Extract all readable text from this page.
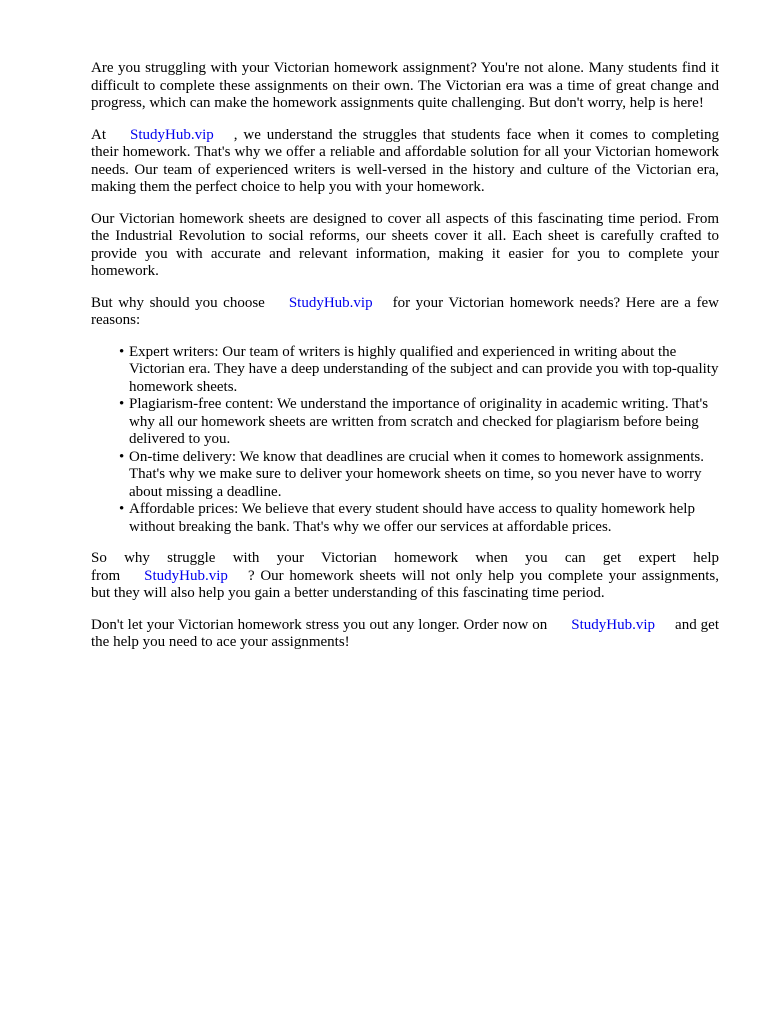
Are you struggling with your Victorian homework assignment? You're not alone. Many students find it difficult to complete these assignments on their own. The Victorian era was a time of great change and progress, which can make the homework assignments quite challenging. But don't worry, help is here!

At StudyHub.vip , we understand the struggles that students face when it comes to completing their homework. That's why we offer a reliable and affordable solution for all your Victorian homework needs. Our team of experienced writers is well-versed in the history and culture of the Victorian era, making them the perfect choice to help you with your homework.

Our Victorian homework sheets are designed to cover all aspects of this fascinating time period. From the Industrial Revolution to social reforms, our sheets cover it all. Each sheet is carefully crafted to provide you with accurate and relevant information, making it easier for you to complete your homework.

But why should you choose StudyHub.vip for your Victorian homework needs? Here are a few reasons:

• Expert writers: Our team of writers is highly qualified and experienced in writing about the Victorian era. They have a deep understanding of the subject and can provide you with top-quality homework sheets.
• Plagiarism-free content: We understand the importance of originality in academic writing. That's why all our homework sheets are written from scratch and checked for plagiarism before being delivered to you.
• On-time delivery: We know that deadlines are crucial when it comes to homework assignments. That's why we make sure to deliver your homework sheets on time, so you never have to worry about missing a deadline.
• Affordable prices: We believe that every student should have access to quality homework help without breaking the bank. That's why we offer our services at affordable prices.

So why struggle with your Victorian homework when you can get expert help from StudyHub.vip ? Our homework sheets will not only help you complete your assignments, but they will also help you gain a better understanding of this fascinating time period.

Don't let your Victorian homework stress you out any longer. Order now on StudyHub.vip and get the help you need to ace your assignments!
